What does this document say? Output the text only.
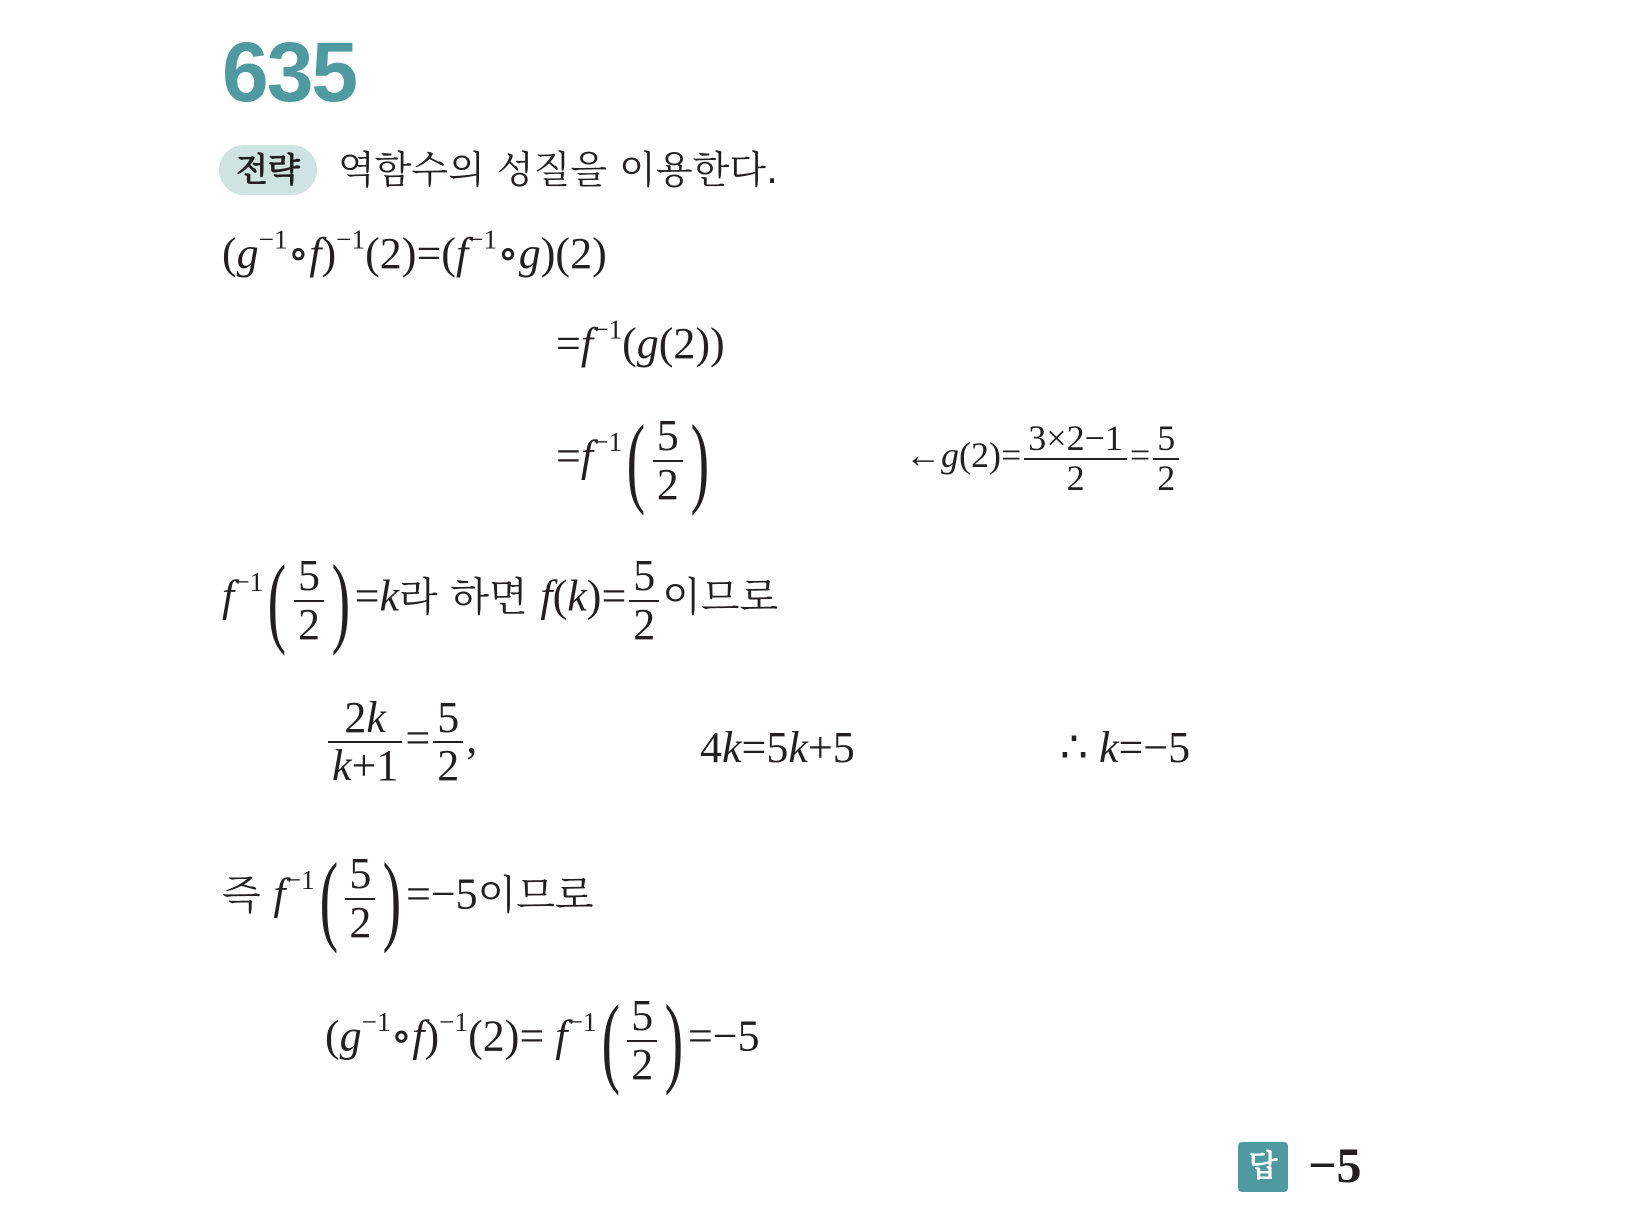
635
전략	역함수의 성질을 이용한다.
$(g^{-1}\circ f)^{-1}(2)=(f^{-1}\circ g)(2)$
$=f^{-1}(g(2))$
$=f^{-1}( \frac{5}{2}$ )	←g(2)= $\frac{3\times 2-1}{2} = \frac{5}{2}$
$f^{-1}( \frac{5}{2}$ ) =k라 하면 $f(k)= \frac{5}{2}$ 이므로
$\frac{2k}{k+1} = \frac{5}{2}$ ,	4k=5k+5	∴ k=−5
즉 $f^{-1}( \frac{5}{2}$ ) =−5이므로
$(g^{-1}\circ f)^{-1}(2)= f^{-1}( \frac{5}{2}$ ) =−5
답 −5
